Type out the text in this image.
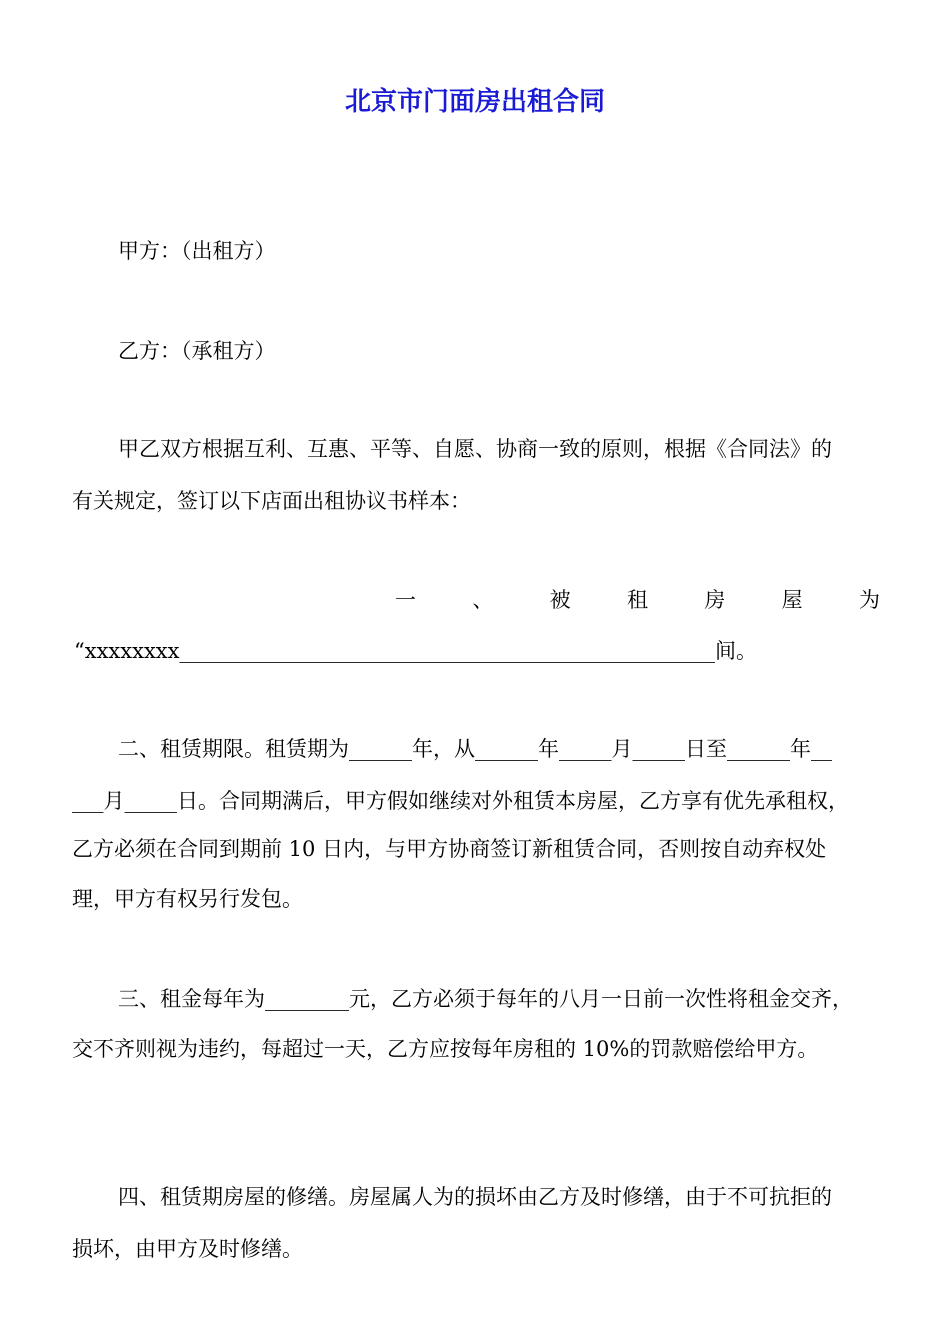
北京市门面房出租合同
甲方：（出租方）
乙方：（承租方）
甲乙双方根据互利、互惠、平等、自愿、协商一致的原则，根据《合同法》的
有关规定，签订以下店面出租协议书样本：
一	、	被	租	房	屋	为
“xxxxxxxx___________________________________________________间。
二、租赁期限。租赁期为______年，从______年_____月_____日至______年__
___月_____日。合同期满后，甲方假如继续对外租赁本房屋，乙方享有优先承租权，
乙方必须在合同到期前 10 日内，与甲方协商签订新租赁合同，否则按自动弃权处
理，甲方有权另行发包。
三、租金每年为________元，乙方必须于每年的八月一日前一次性将租金交齐，
交不齐则视为违约，每超过一天，乙方应按每年房租的 10%的罚款赔偿给甲方。
四、租赁期房屋的修缮。房屋属人为的损坏由乙方及时修缮，由于不可抗拒的
损坏，由甲方及时修缮。
